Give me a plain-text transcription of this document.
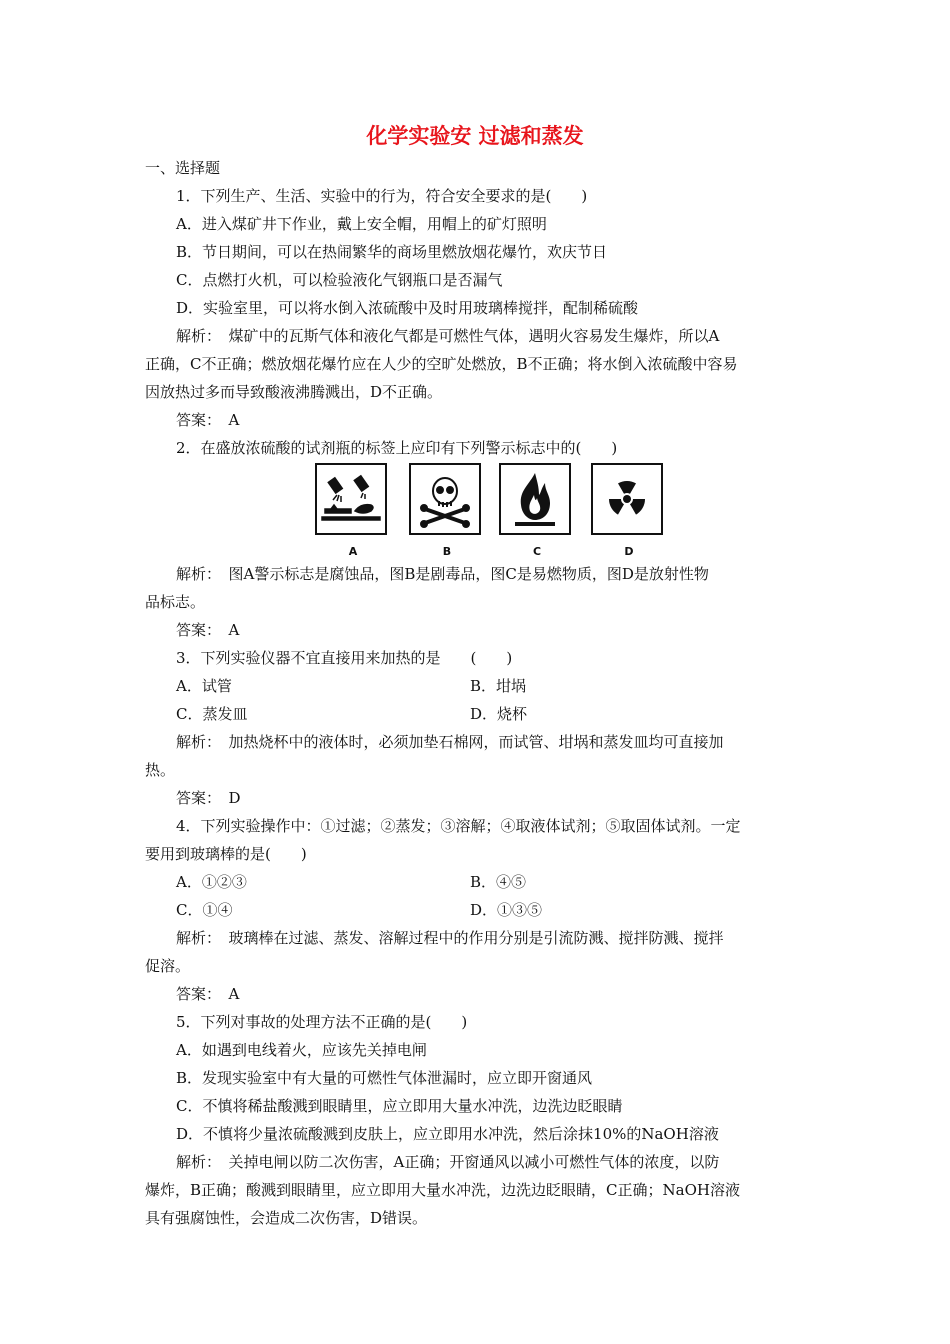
化学实验安 过滤和蒸发
一、选择题
1．下列生产、生活、实验中的行为，符合安全要求的是(　　)
A．进入煤矿井下作业，戴上安全帽，用帽上的矿灯照明
B．节日期间，可以在热闹繁华的商场里燃放烟花爆竹，欢庆节日
C．点燃打火机，可以检验液化气钢瓶口是否漏气
D．实验室里，可以将水倒入浓硫酸中及时用玻璃棒搅拌，配制稀硫酸
解析：　煤矿中的瓦斯气体和液化气都是可燃性气体，遇明火容易发生爆炸，所以A
正确，C不正确；燃放烟花爆竹应在人少的空旷处燃放，B不正确；将水倒入浓硫酸中容易
因放热过多而导致酸液沸腾溅出，D不正确。
答案：　A
2．在盛放浓硫酸的试剂瓶的标签上应印有下列警示标志中的(　　)
A	B	C	D
解析：　图A警示标志是腐蚀品，图B是剧毒品，图C是易燃物质，图D是放射性物
品标志。
答案：　A
3．下列实验仪器不宜直接用来加热的是　　(　　)
A．试管	B．坩埚
C．蒸发皿	D．烧杯
解析：　加热烧杯中的液体时，必须加垫石棉网，而试管、坩埚和蒸发皿均可直接加
热。
答案：　D
4．下列实验操作中：①过滤；②蒸发；③溶解；④取液体试剂；⑤取固体试剂。一定
要用到玻璃棒的是(　　)
A．①②③	B．④⑤
C．①④	D．①③⑤
解析：　玻璃棒在过滤、蒸发、溶解过程中的作用分别是引流防溅、搅拌防溅、搅拌
促溶。
答案：　A
5．下列对事故的处理方法不正确的是(　　)
A．如遇到电线着火，应该先关掉电闸
B．发现实验室中有大量的可燃性气体泄漏时，应立即开窗通风
C．不慎将稀盐酸溅到眼睛里，应立即用大量水冲洗，边洗边眨眼睛
D．不慎将少量浓硫酸溅到皮肤上，应立即用水冲洗，然后涂抹10%的NaOH溶液
解析：　关掉电闸以防二次伤害，A正确；开窗通风以减小可燃性气体的浓度，以防
爆炸，B正确；酸溅到眼睛里，应立即用大量水冲洗，边洗边眨眼睛，C正确；NaOH溶液
具有强腐蚀性，会造成二次伤害，D错误。
